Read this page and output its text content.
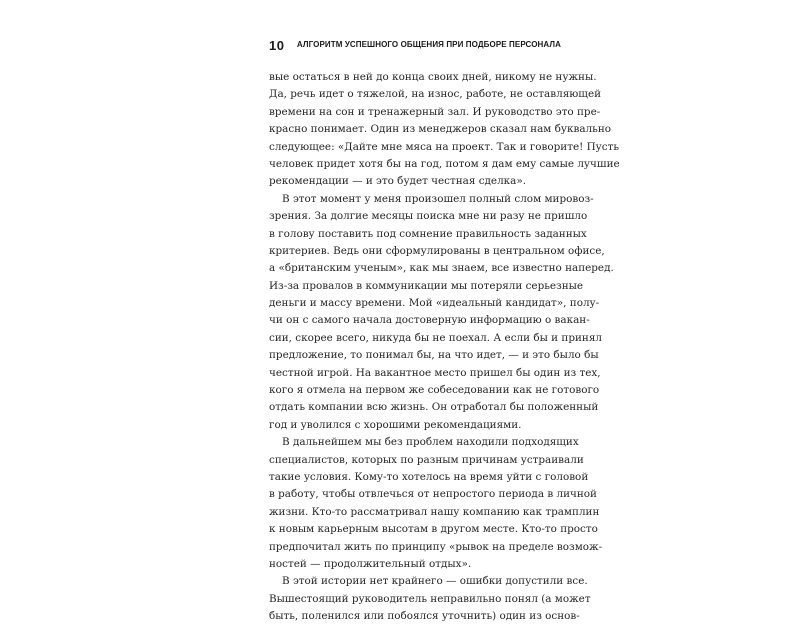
10 АЛГОРИТМ УСПЕШНОГО ОБЩЕНИЯ ПРИ ПОДБОРЕ ПЕРСОНАЛА
вые остаться в ней до конца своих дней, никому не нужны.
Да, речь идет о тяжелой, на износ, работе, не оставляющей
времени на сон и тренажерный зал. И руководство это пре-
красно понимает. Один из менеджеров сказал нам буквально
следующее: «Дайте мне мяса на проект. Так и говорите! Пусть
человек придет хотя бы на год, потом я дам ему самые лучшие
рекомендации — и это будет честная сделка».
В этот момент у меня произошел полный слом мировоз-
зрения. За долгие месяцы поиска мне ни разу не пришло
в голову поставить под сомнение правильность заданных
критериев. Ведь они сформулированы в центральном офисе,
а «британским ученым», как мы знаем, все известно наперед.
Из-за провалов в коммуникации мы потеряли серьезные
деньги и массу времени. Мой «идеальный кандидат», полу-
чи он с самого начала достоверную информацию о вакан-
сии, скорее всего, никуда бы не поехал. А если бы и принял
предложение, то понимал бы, на что идет, — и это было бы
честной игрой. На вакантное место пришел бы один из тех,
кого я отмела на первом же собеседовании как не готового
отдать компании всю жизнь. Он отработал бы положенный
год и уволился с хорошими рекомендациями.
В дальнейшем мы без проблем находили подходящих
специалистов, которых по разным причинам устраивали
такие условия. Кому-то хотелось на время уйти с головой
в работу, чтобы отвлечься от непростого периода в личной
жизни. Кто-то рассматривал нашу компанию как трамплин
к новым карьерным высотам в другом месте. Кто-то просто
предпочитал жить по принципу «рывок на пределе возмож-
ностей — продолжительный отдых».
В этой истории нет крайнего — ошибки допустили все.
Вышестоящий руководитель неправильно понял (а может
быть, поленился или побоялся уточнить) один из основ-
